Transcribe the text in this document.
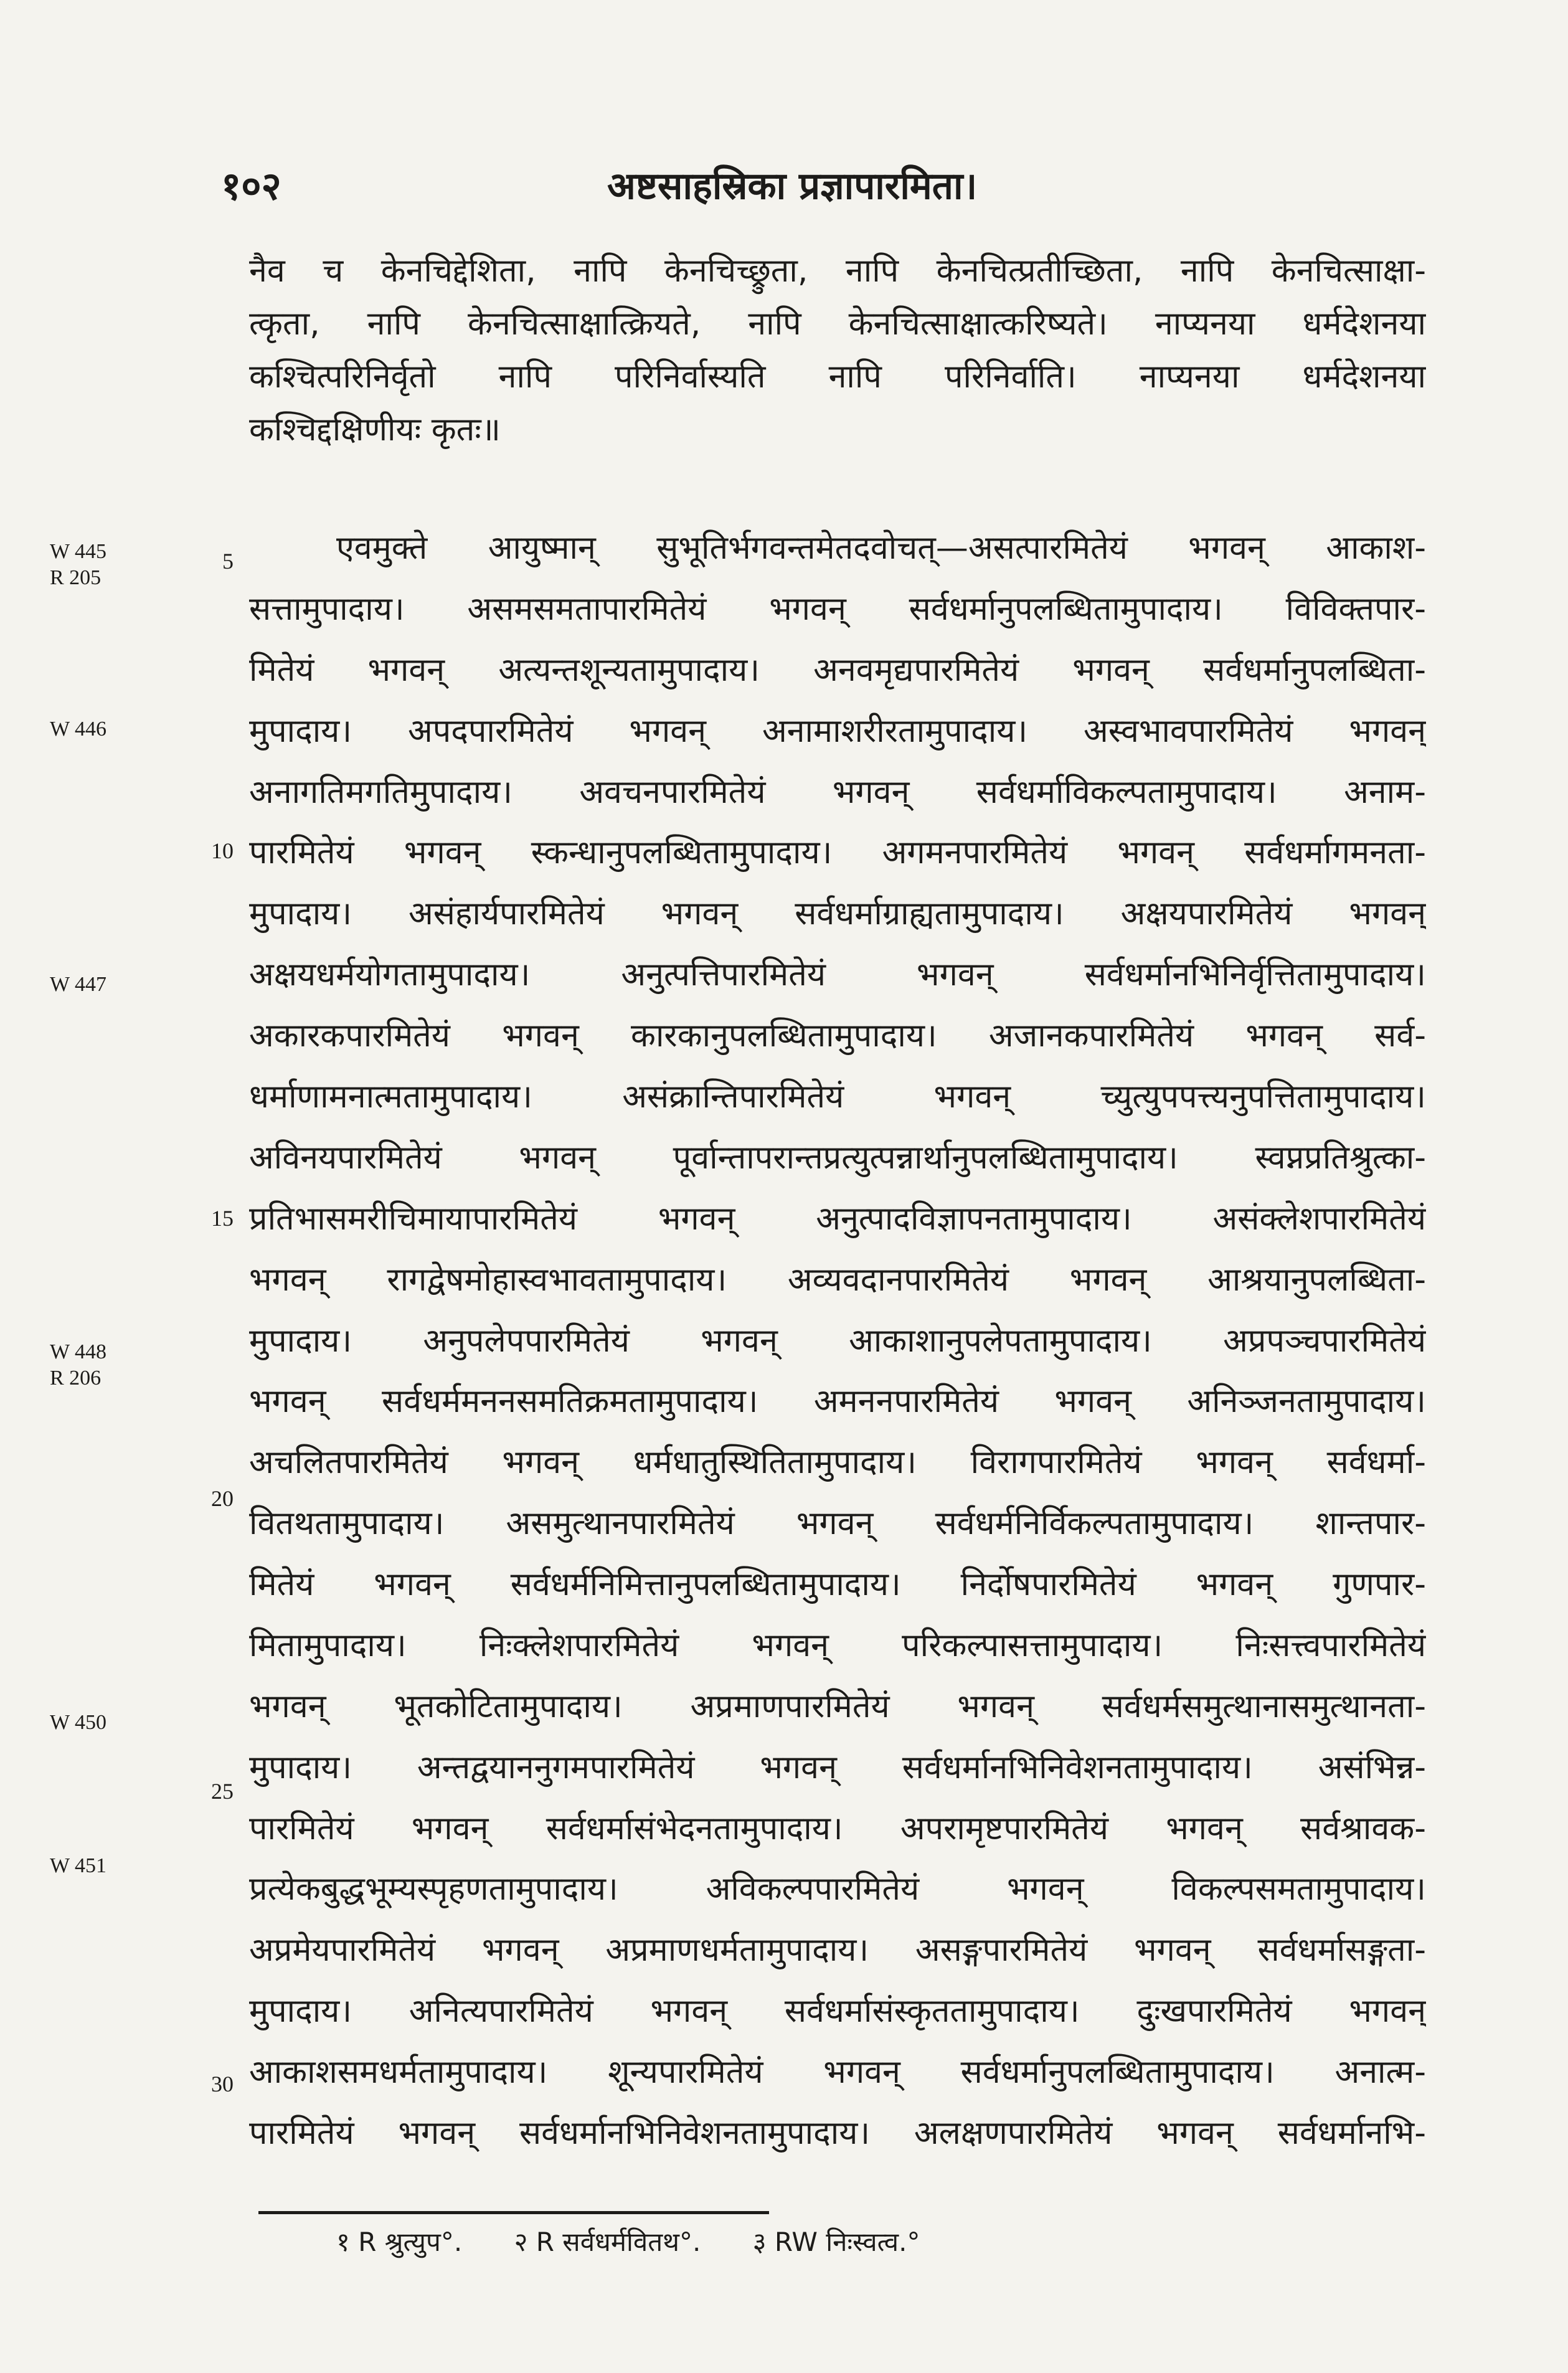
१०२	अष्टसाहस्रिका प्रज्ञापारमिता।
W 445
R 205
W 446
W 447
W 448
R 206
W 450
W 451
5
10
15
20
25
30
नैव च केनचिद्देशिता, नापि केनचिच्छ्रुता, नापि केनचित्प्रतीच्छिता, नापि केनचित्साक्षा-
त्कृता, नापि केनचित्साक्षात्क्रियते, नापि केनचित्साक्षात्करिष्यते। नाप्यनया धर्मदेशनया
कश्चित्परिनिर्वृतो नापि परिनिर्वास्यति नापि परिनिर्वाति। नाप्यनया धर्मदेशनया
कश्चिद्दक्षिणीयः कृतः॥
एवमुक्ते आयुष्मान् सुभूतिर्भगवन्तमेतदवोचत्—असत्पारमितेयं भगवन् आकाश-
सत्तामुपादाय। असमसमतापारमितेयं भगवन् सर्वधर्मानुपलब्धितामुपादाय। विविक्तपार-
मितेयं भगवन् अत्यन्तशून्यतामुपादाय। अनवमृद्यपारमितेयं भगवन् सर्वधर्मानुपलब्धिता-
मुपादाय। अपदपारमितेयं भगवन् अनामाशरीरतामुपादाय। अस्वभावपारमितेयं भगवन्
अनागतिमगतिमुपादाय। अवचनपारमितेयं भगवन् सर्वधर्माविकल्पतामुपादाय। अनाम-
पारमितेयं भगवन् स्कन्धानुपलब्धितामुपादाय। अगमनपारमितेयं भगवन् सर्वधर्मागमनता-
मुपादाय। असंहार्यपारमितेयं भगवन् सर्वधर्माग्राह्यतामुपादाय। अक्षयपारमितेयं भगवन्
अक्षयधर्मयोगतामुपादाय। अनुत्पत्तिपारमितेयं भगवन् सर्वधर्मानभिनिर्वृत्तितामुपादाय।
अकारकपारमितेयं भगवन् कारकानुपलब्धितामुपादाय। अजानकपारमितेयं भगवन् सर्व-
धर्माणामनात्मतामुपादाय। असंक्रान्तिपारमितेयं भगवन् च्युत्युपपत्त्यनुपत्तितामुपादाय।
अविनयपारमितेयं भगवन् पूर्वान्तापरान्तप्रत्युत्पन्नार्थानुपलब्धितामुपादाय। स्वप्नप्रतिश्रुत्का-
प्रतिभासमरीचिमायापारमितेयं भगवन् अनुत्पादविज्ञापनतामुपादाय। असंक्लेशपारमितेयं
भगवन् रागद्वेषमोहास्वभावतामुपादाय। अव्यवदानपारमितेयं भगवन् आश्रयानुपलब्धिता-
मुपादाय। अनुपलेपपारमितेयं भगवन् आकाशानुपलेपतामुपादाय। अप्रपञ्चपारमितेयं
भगवन् सर्वधर्ममननसमतिक्रमतामुपादाय। अमननपारमितेयं भगवन् अनिञ्जनतामुपादाय।
अचलितपारमितेयं भगवन् धर्मधातुस्थितितामुपादाय। विरागपारमितेयं भगवन् सर्वधर्मा-
वितथतामुपादाय। असमुत्थानपारमितेयं भगवन् सर्वधर्मनिर्विकल्पतामुपादाय। शान्तपार-
मितेयं भगवन् सर्वधर्मनिमित्तानुपलब्धितामुपादाय। निर्दोषपारमितेयं भगवन् गुणपार-
मितामुपादाय। निःक्लेशपारमितेयं भगवन् परिकल्पासत्तामुपादाय। निःसत्त्वपारमितेयं
भगवन् भूतकोटितामुपादाय। अप्रमाणपारमितेयं भगवन् सर्वधर्मसमुत्थानासमुत्थानता-
मुपादाय। अन्तद्वयाननुगमपारमितेयं भगवन् सर्वधर्मानभिनिवेशनतामुपादाय। असंभिन्न-
पारमितेयं भगवन् सर्वधर्मासंभेदनतामुपादाय। अपरामृष्टपारमितेयं भगवन् सर्वश्रावक-
प्रत्येकबुद्धभूम्यस्पृहणतामुपादाय। अविकल्पपारमितेयं भगवन् विकल्पसमतामुपादाय।
अप्रमेयपारमितेयं भगवन् अप्रमाणधर्मतामुपादाय। असङ्गपारमितेयं भगवन् सर्वधर्मासङ्गता-
मुपादाय। अनित्यपारमितेयं भगवन् सर्वधर्मासंस्कृततामुपादाय। दुःखपारमितेयं भगवन्
आकाशसमधर्मतामुपादाय। शून्यपारमितेयं भगवन् सर्वधर्मानुपलब्धितामुपादाय। अनात्म-
पारमितेयं भगवन् सर्वधर्मानभिनिवेशनतामुपादाय। अलक्षणपारमितेयं भगवन् सर्वधर्मानभि-
१ R श्रुत्युप°. २ R सर्वधर्मवितथ°. ३ RW निःस्वत्व.°
